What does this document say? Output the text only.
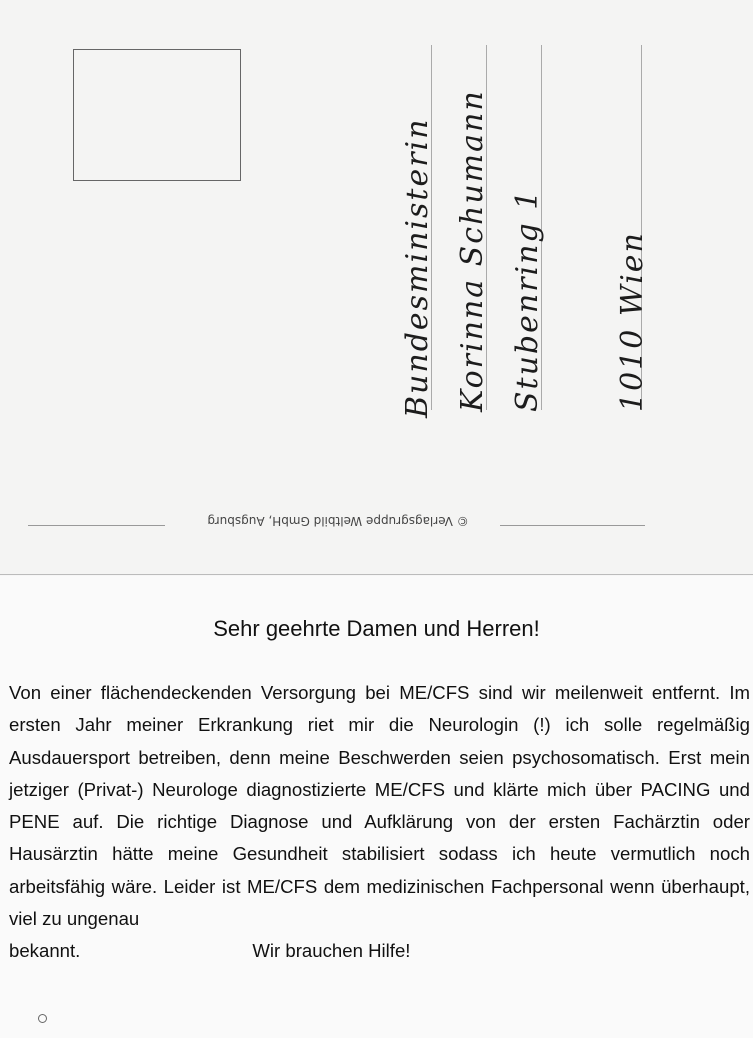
Bundesministerin Korinna Schumann Stubenring 1 1010 Wien
© Verlagsgruppe Weltbild GmbH, Augsburg
Sehr geehrte Damen und Herren!

Von einer flächendeckenden Versorgung bei ME/CFS sind wir meilenweit entfernt. Im ersten Jahr meiner Erkrankung riet mir die Neurologin (!) ich solle regelmäßig Ausdauersport betreiben, denn meine Beschwerden seien psychosomatisch. Erst mein jetziger (Privat-) Neurologe diagnostizierte ME/CFS und klärte mich über PACING und PENE auf. Die richtige Diagnose und Aufklärung von der ersten Fachärztin oder Hausärztin hätte meine Gesundheit stabilisiert sodass ich heute vermutlich noch arbeitsfähig wäre. Leider ist ME/CFS dem medizinischen Fachpersonal wenn überhaupt, viel zu ungenau

bekannt.	Wir brauchen Hilfe!
